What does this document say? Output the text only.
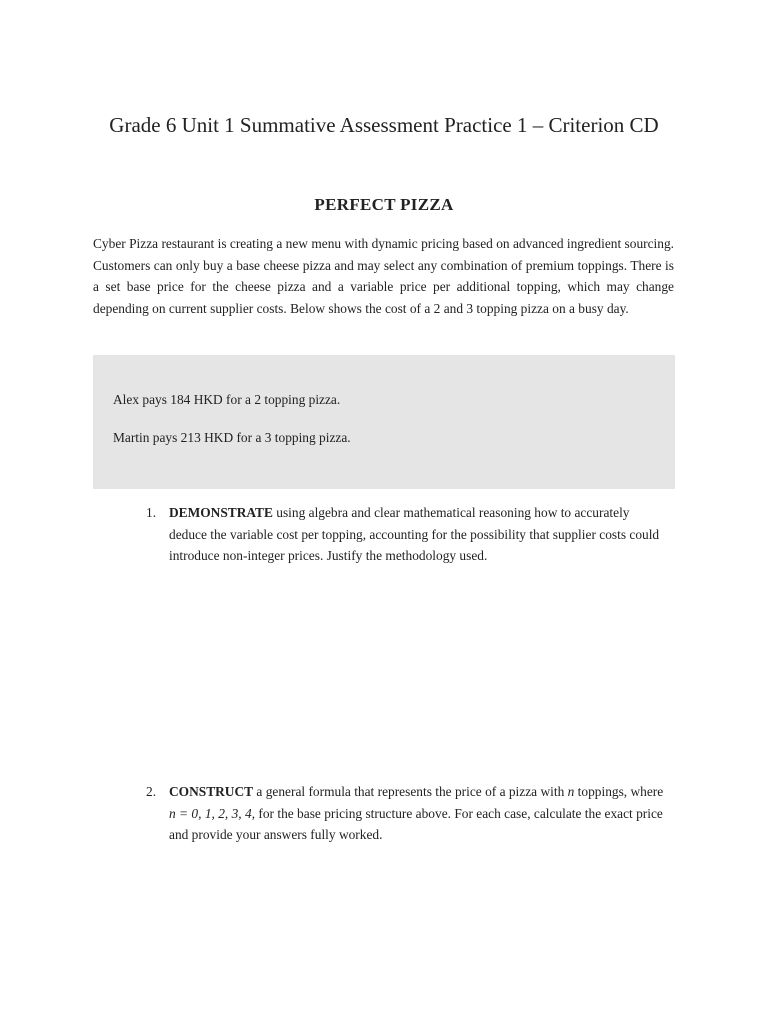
Grade 6 Unit 1 Summative Assessment Practice 1 – Criterion CD
PERFECT PIZZA

Cyber Pizza restaurant is creating a new menu with dynamic pricing based on advanced ingredient sourcing. Customers can only buy a base cheese pizza and may select any combination of premium toppings. There is a set base price for the cheese pizza and a variable price per additional topping, which may change depending on current supplier costs. Below shows the cost of a 2 and 3 topping pizza on a busy day.

Alex pays 184 HKD for a 2 topping pizza.

Martin pays 213 HKD for a 3 topping pizza.

1. DEMONSTRATE using algebra and clear mathematical reasoning how to accurately deduce the variable cost per topping, accounting for the possibility that supplier costs could introduce non-integer prices. Justify the methodology used.
2. CONSTRUCT a general formula that represents the price of a pizza with n toppings, where n = 0, 1, 2, 3, 4, for the base pricing structure above. For each case, calculate the exact price and provide your answers fully worked.
